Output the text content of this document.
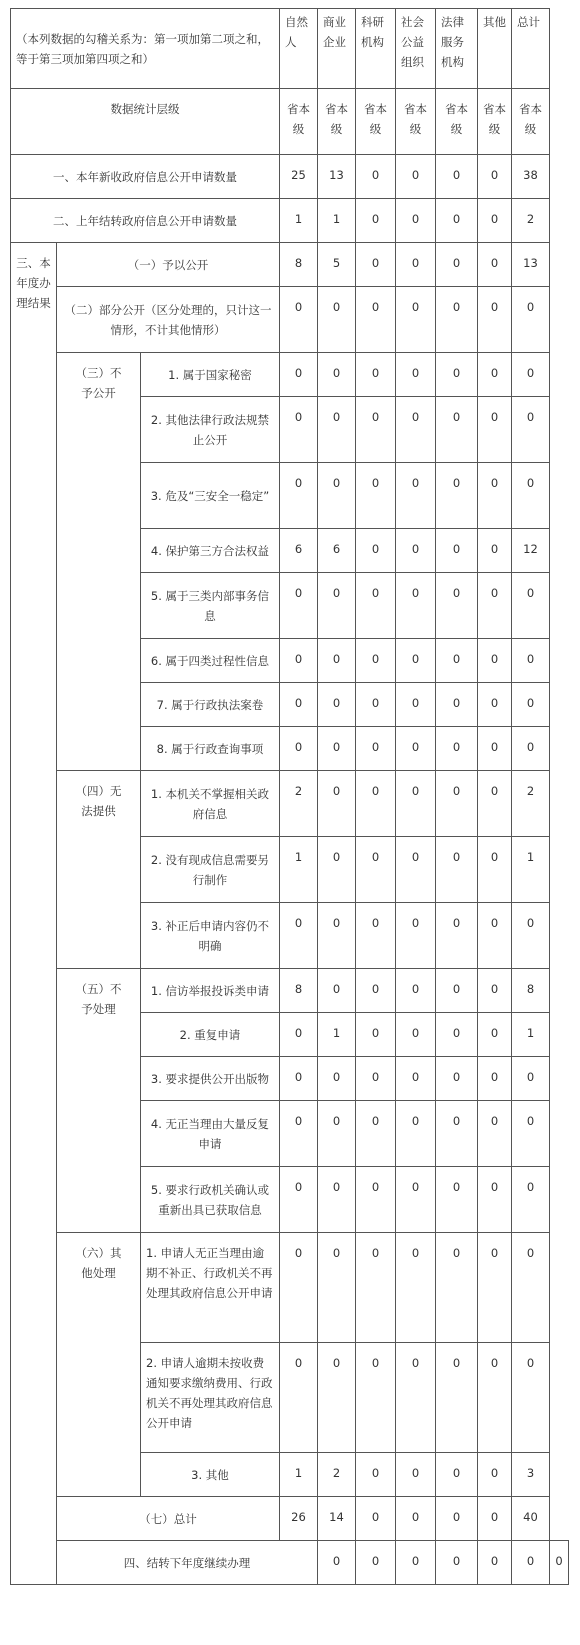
（本列数据的勾稽关系为：第一项加第二项之和，等于第三项加第四项之和）			自然人	商业企业	科研机构	社会公益组织	法律服务机构	其他	总计	
数据统计层级			省本级	省本级	省本级	省本级	省本级	省本级	省本级	
一、本年新收政府信息公开申请数量			25	13	0	0	0	0	38	
二、上年结转政府信息公开申请数量			1	1	0	0	0	0	2	
三、本年度办理结果	（一）予以公开		8	5	0	0	0	0	13	
	（二）部分公开（区分处理的，只计这一情形，不计其他情形）		0	0	0	0	0	0	0	
	（三）不予公开	1. 属于国家秘密	0	0	0	0	0	0	0	
		2. 其他法律行政法规禁止公开	0	0	0	0	0	0	0	
		3. 危及“三安全一稳定”	0	0	0	0	0	0	0	
		4. 保护第三方合法权益	6	6	0	0	0	0	12	
		5. 属于三类内部事务信息	0	0	0	0	0	0	0	
		6. 属于四类过程性信息	0	0	0	0	0	0	0	
		7. 属于行政执法案卷	0	0	0	0	0	0	0	
		8. 属于行政查询事项	0	0	0	0	0	0	0	
	（四）无法提供	1. 本机关不掌握相关政府信息	2	0	0	0	0	0	2	
		2. 没有现成信息需要另行制作	1	0	0	0	0	0	1	
		3. 补正后申请内容仍不明确	0	0	0	0	0	0	0	
	（五）不予处理	1. 信访举报投诉类申请	8	0	0	0	0	0	8	
		2. 重复申请	0	1	0	0	0	0	1	
		3. 要求提供公开出版物	0	0	0	0	0	0	0	
		4. 无正当理由大量反复申请	0	0	0	0	0	0	0	
		5. 要求行政机关确认或重新出具已获取信息	0	0	0	0	0	0	0	
	（六）其他处理	1. 申请人无正当理由逾期不补正、行政机关不再处理其政府信息公开申请	0	0	0	0	0	0	0	
		2. 申请人逾期未按收费通知要求缴纳费用、行政机关不再处理其政府信息公开申请	0	0	0	0	0	0	0	
		3. 其他	1	2	0	0	0	0	3	
	（七）总计		26	14	0	0	0	0	40	
	四、结转下年度继续办理			0	0	0	0	0	0	0
